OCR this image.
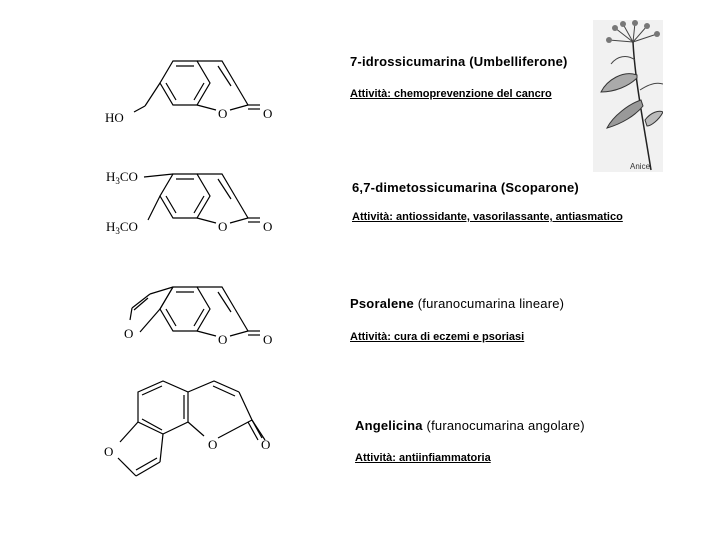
HO	O	O
7-idrossicumarina (Umbelliferone)
Attività: chemoprevenzione del cancro
$H_3CO$
$H_3CO$	O	O
6,7-dimetossicumarina (Scoparone)
Attività: antiossidante, vasorilassante, antiasmatico
O	O	O
Psoralene (furanocumarina lineare)
Attività: cura di eczemi e psoriasi
O	O	O
Angelicina (furanocumarina angolare)
Attività: antiinfiammatoria
Anice
